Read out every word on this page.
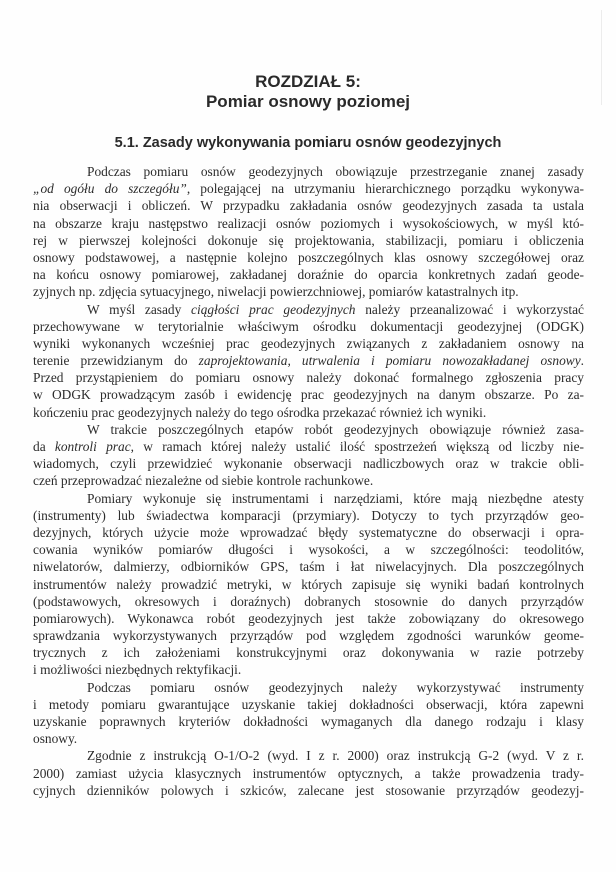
ROZDZIAŁ 5:
Pomiar osnowy poziomej
5.1. Zasady wykonywania pomiaru osnów geodezyjnych
Podczas pomiaru osnów geodezyjnych obowiązuje przestrzeganie znanej zasady
„od ogółu do szczegółu”, polegającej na utrzymaniu hierarchicznego porządku wykonywa-
nia obserwacji i obliczeń. W przypadku zakładania osnów geodezyjnych zasada ta ustala
na obszarze kraju następstwo realizacji osnów poziomych i wysokościowych, w myśl któ-
rej w pierwszej kolejności dokonuje się projektowania, stabilizacji, pomiaru i obliczenia
osnowy podstawowej, a następnie kolejno poszczególnych klas osnowy szczegółowej oraz
na końcu osnowy pomiarowej, zakładanej doraźnie do oparcia konkretnych zadań geode-
zyjnych np. zdjęcia sytuacyjnego, niwelacji powierzchniowej, pomiarów katastralnych itp.
W myśl zasady ciągłości prac geodezyjnych należy przeanalizować i wykorzystać
przechowywane w terytorialnie właściwym ośrodku dokumentacji geodezyjnej (ODGK)
wyniki wykonanych wcześniej prac geodezyjnych związanych z zakładaniem osnowy na
terenie przewidzianym do zaprojektowania, utrwalenia i pomiaru nowozakładanej osnowy.
Przed przystąpieniem do pomiaru osnowy należy dokonać formalnego zgłoszenia pracy
w ODGK prowadzącym zasób i ewidencję prac geodezyjnych na danym obszarze. Po za-
kończeniu prac geodezyjnych należy do tego ośrodka przekazać również ich wyniki.
W trakcie poszczególnych etapów robót geodezyjnych obowiązuje również zasa-
da kontroli prac, w ramach której należy ustalić ilość spostrzeżeń większą od liczby nie-
wiadomych, czyli przewidzieć wykonanie obserwacji nadliczbowych oraz w trakcie obli-
czeń przeprowadzać niezależne od siebie kontrole rachunkowe.
Pomiary wykonuje się instrumentami i narzędziami, które mają niezbędne atesty
(instrumenty) lub świadectwa komparacji (przymiary). Dotyczy to tych przyrządów geo-
dezyjnych, których użycie może wprowadzać błędy systematyczne do obserwacji i opra-
cowania wyników pomiarów długości i wysokości, a w szczególności: teodolitów,
niwelatorów, dalmierzy, odbiorników GPS, taśm i łat niwelacyjnych. Dla poszczególnych
instrumentów należy prowadzić metryki, w których zapisuje się wyniki badań kontrolnych
(podstawowych, okresowych i doraźnych) dobranych stosownie do danych przyrządów
pomiarowych). Wykonawca robót geodezyjnych jest także zobowiązany do okresowego
sprawdzania wykorzystywanych przyrządów pod względem zgodności warunków geome-
trycznych z ich założeniami konstrukcyjnymi oraz dokonywania w razie potrzeby
i możliwości niezbędnych rektyfikacji.
Podczas pomiaru osnów geodezyjnych należy wykorzystywać instrumenty
i metody pomiaru gwarantujące uzyskanie takiej dokładności obserwacji, która zapewni
uzyskanie poprawnych kryteriów dokładności wymaganych dla danego rodzaju i klasy
osnowy.
Zgodnie z instrukcją O-1/O-2 (wyd. I z r. 2000) oraz instrukcją G-2 (wyd. V z r.
2000) zamiast użycia klasycznych instrumentów optycznych, a także prowadzenia trady-
cyjnych dzienników polowych i szkiców, zalecane jest stosowanie przyrządów geodezyj-
